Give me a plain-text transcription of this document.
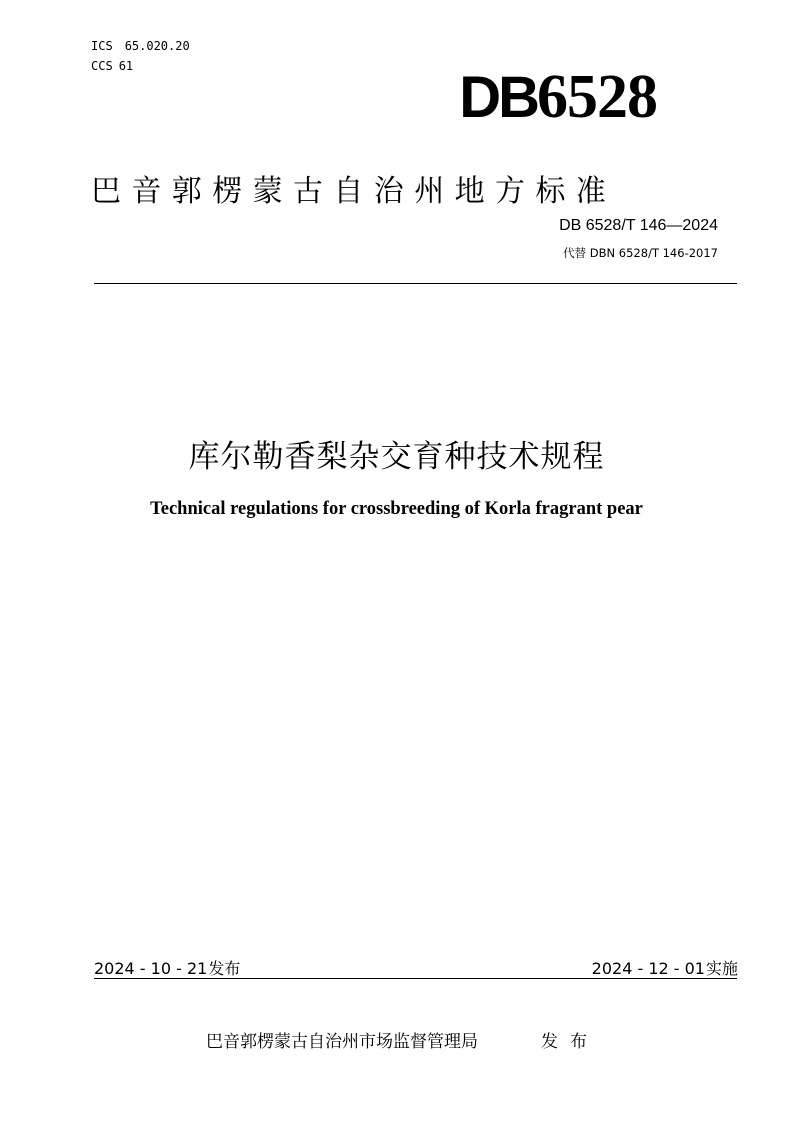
ICS 65.020.20
CCS 61	DB6528
巴音郭楞蒙古自治州地方标准
DB 6528/T 146—2024
代替 DBN 6528/T 146-2017
库尔勒香梨杂交育种技术规程
Technical regulations for crossbreeding of Korla fragrant pear
2024 - 10 - 21发布	2024 - 12 - 01实施
巴音郭楞蒙古自治州市场监督管理局	发布
